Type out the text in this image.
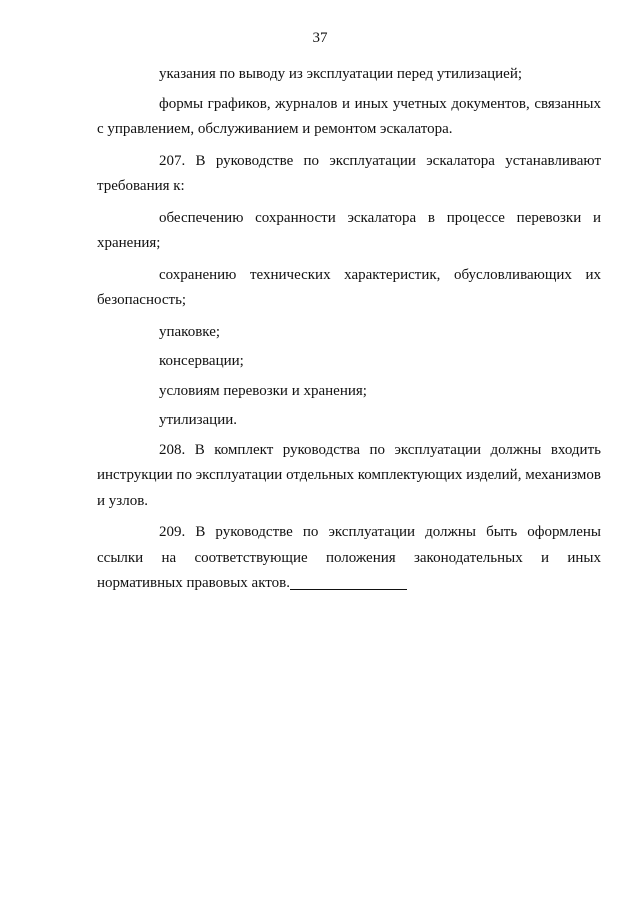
37

указания по выводу из эксплуатации перед утилизацией;

формы графиков, журналов и иных учетных документов, связанных с управлением, обслуживанием и ремонтом эскалатора.

207. В руководстве по эксплуатации эскалатора устанавливают требования к:

обеспечению сохранности эскалатора в процессе перевозки и хранения;

сохранению технических характеристик, обусловливающих их безопасность;

упаковке;

консервации;

условиям перевозки и хранения;

утилизации.

208. В комплект руководства по эксплуатации должны входить инструкции по эксплуатации отдельных комплектующих изделий, механизмов и узлов.

209. В руководстве по эксплуатации должны быть оформлены ссылки на соответствующие положения законодательных и иных нормативных правовых актов.
